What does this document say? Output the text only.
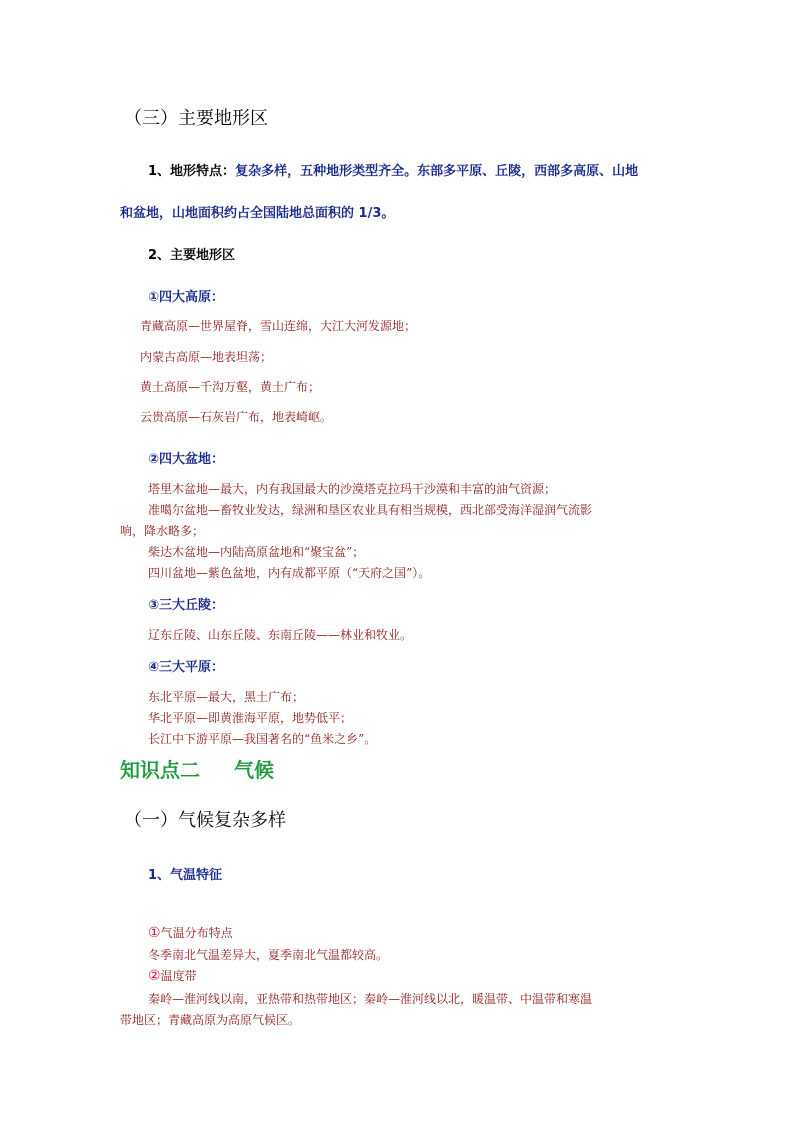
（三）主要地形区
1、地形特点：复杂多样，五种地形类型齐全。东部多平原、丘陵，西部多高原、山地
和盆地，山地面积约占全国陆地总面积的 1/3。
2、主要地形区
①四大高原：
青藏高原—世界屋脊，雪山连绵，大江大河发源地；
内蒙古高原—地表坦荡；
黄土高原—千沟万壑，黄土广布；
云贵高原—石灰岩广布，地表崎岖。
②四大盆地：
塔里木盆地—最大，内有我国最大的沙漠塔克拉玛干沙漠和丰富的油气资源；
准噶尔盆地—畜牧业发达，绿洲和垦区农业具有相当规模，西北部受海洋湿润气流影
响，降水略多；
柴达木盆地—内陆高原盆地和“聚宝盆”；
四川盆地—紫色盆地，内有成都平原（“天府之国”）。
③三大丘陵：
辽东丘陵、山东丘陵、东南丘陵——林业和牧业。
④三大平原：
东北平原—最大，黑土广布；
华北平原—即黄淮海平原，地势低平；
长江中下游平原—我国著名的“鱼米之乡”。
知识点二 气候
（一）气候复杂多样
1、气温特征
①气温分布特点
冬季南北气温差异大，夏季南北气温都较高。
②温度带
秦岭—淮河线以南，亚热带和热带地区；秦岭—淮河线以北，暖温带、中温带和寒温
带地区；青藏高原为高原气候区。
